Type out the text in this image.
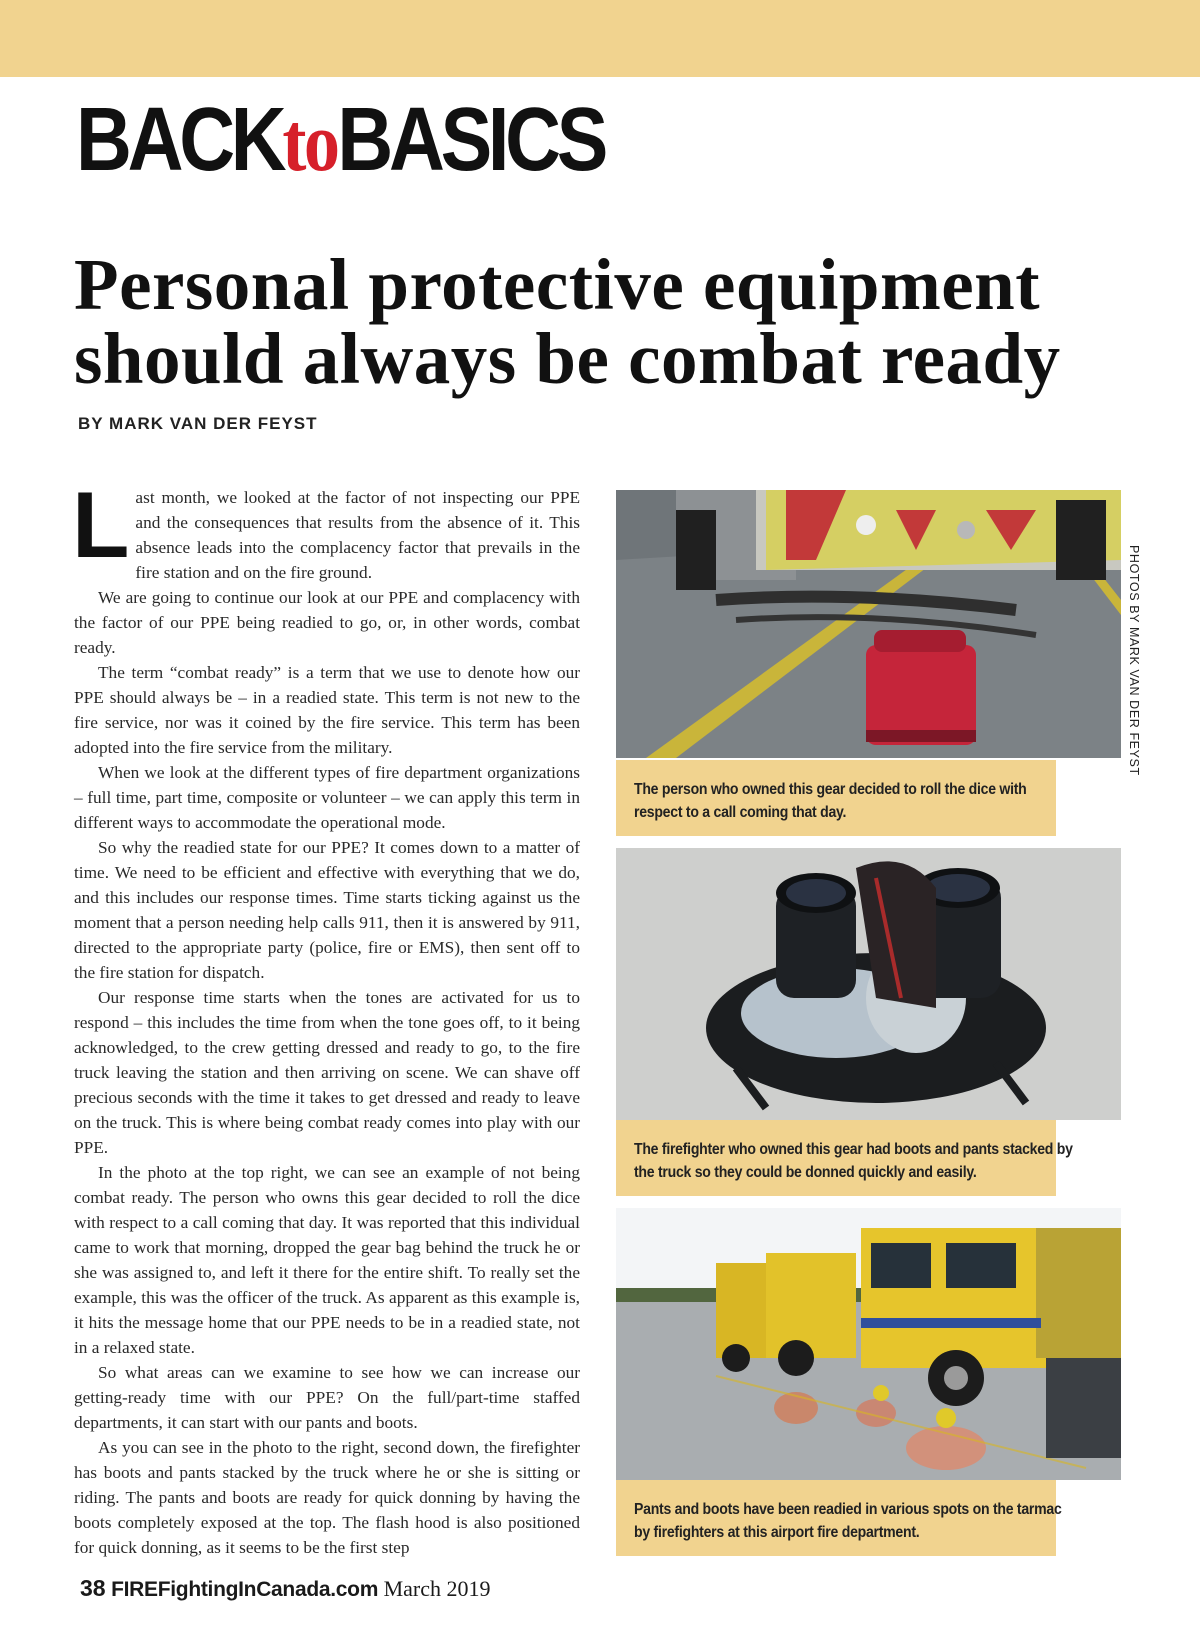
BACKtoBASICS
Personal protective equipment
should always be combat ready
BY MARK VAN DER FEYST

Last month, we looked at the factor of not inspecting our PPE and the consequences that results from the absence of it. This absence leads into the complacency factor that prevails in the fire station and on the fire ground.

We are going to continue our look at our PPE and complacency with the factor of our PPE being readied to go, or, in other words, combat ready.

The term “combat ready” is a term that we use to denote how our PPE should always be – in a readied state. This term is not new to the fire service, nor was it coined by the fire service. This term has been adopted into the fire service from the military.

When we look at the different types of fire department organizations – full time, part time, composite or volunteer – we can apply this term in different ways to accommodate the operational mode.

So why the readied state for our PPE? It comes down to a matter of time. We need to be efficient and effective with everything that we do, and this includes our response times. Time starts ticking against us the moment that a person needing help calls 911, then it is answered by 911, directed to the appropriate party (police, fire or EMS), then sent off to the fire station for dispatch.

Our response time starts when the tones are activated for us to respond – this includes the time from when the tone goes off, to it being acknowledged, to the crew getting dressed and ready to go, to the fire truck leaving the station and then arriving on scene. We can shave off precious seconds with the time it takes to get dressed and ready to leave on the truck. This is where being combat ready comes into play with our PPE.

In the photo at the top right, we can see an example of not being combat ready. The person who owns this gear decided to roll the dice with respect to a call coming that day. It was reported that this individual came to work that morning, dropped the gear bag behind the truck he or she was assigned to, and left it there for the entire shift. To really set the example, this was the officer of the truck. As apparent as this example is, it hits the message home that our PPE needs to be in a readied state, not in a relaxed state.

So what areas can we examine to see how we can increase our getting-ready time with our PPE? On the full/part-time staffed departments, it can start with our pants and boots.

As you can see in the photo to the right, second down, the firefighter has boots and pants stacked by the truck where he or she is sitting or riding. The pants and boots are ready for quick donning by having the boots completely exposed at the top. The flash hood is also positioned for quick donning, as it seems to be the first step

The person who owned this gear decided to roll the dice with
respect to a call coming that day.
PHOTOS BY MARK VAN DER FEYST
The firefighter who owned this gear had boots and pants stacked by
the truck so they could be donned quickly and easily.
Pants and boots have been readied in various spots on the tarmac
by firefighters at this airport fire department.
38 FIREFightingInCanada.com March 2019
